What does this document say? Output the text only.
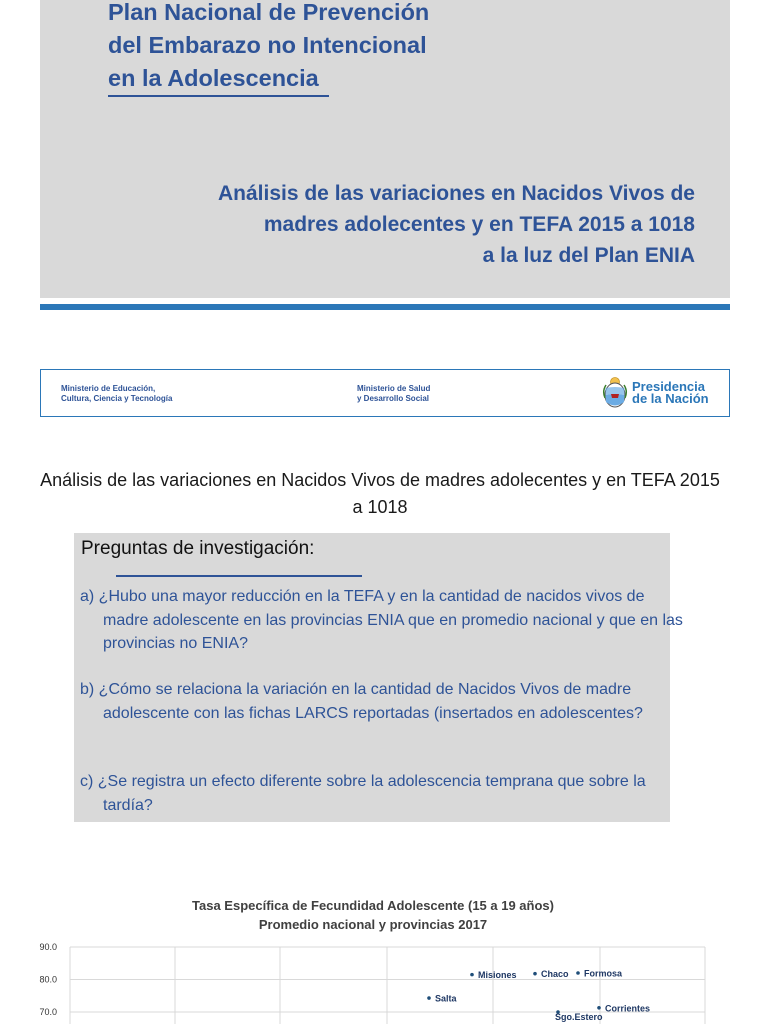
Plan Nacional de Prevención
del Embarazo no Intencional
en la Adolescencia
Análisis de las variaciones en Nacidos Vivos de
madres adolecentes y en TEFA 2015 a 1018
a la luz del Plan ENIA
Ministerio de Educación,
Cultura, Ciencia y Tecnología
Ministerio de Salud
y Desarrollo Social
Presidencia
de la Nación
Análisis de las variaciones en Nacidos Vivos de madres adolecentes y en TEFA 2015 a 1018
Preguntas de investigación:
a) ¿Hubo una mayor reducción en la TEFA y en la cantidad de nacidos vivos de madre adolescente en las provincias ENIA que en promedio nacional y que en las provincias no ENIA?
b) ¿Cómo se relaciona la variación en la cantidad de Nacidos Vivos de madre adolescente con las fichas LARCS reportadas (insertados en adolescentes?
c) ¿Se registra un efecto diferente sobre la adolescencia temprana que sobre la tardía?
Tasa Específica de Fecundidad Adolescente (15 a 19 años)
Promedio nacional y provincias 2017
90.0
80.0
70.0
Misiones	Chaco Formosa
Salta
Corrientes
Sgo.Estero
